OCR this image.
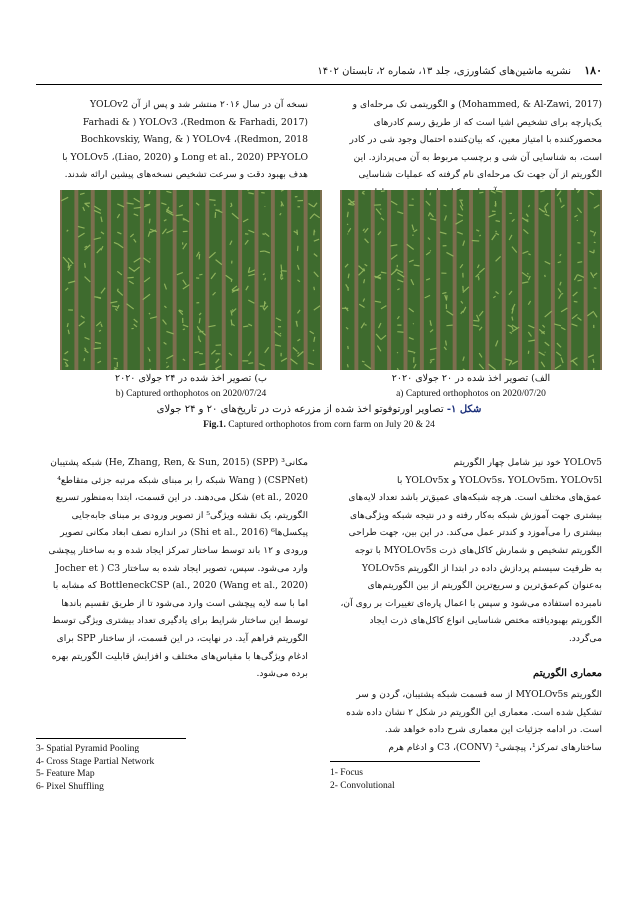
۱۸۰ نشریه ماشین‌های کشاورزی، جلد ۱۳، شماره ۲، تابستان ۱۴۰۲
(Mohammed, & Al-Zawi, 2017) و الگوریتمی تک مرحله‌ای و
یک‌پارچه برای تشخیص اشیا است که از طریق رسم کادرهای
محصورکننده با امتیاز معین، که بیان‌کننده احتمال وجود شی در کادر
است، به شناسایی آن شی و برچسب مربوط به آن می‌پردازد. این
الگوریتم از آن جهت تک مرحله‌ای نام گرفته که عملیات شناسایی
نسخه آن در سال ۲۰۱۶ منتشر شد و پس از آن YOLOv2
Farhadi & ) YOLOv3 ،(Redmon & Farhadi, 2017)
Bochkovskiy, Wang, & ) YOLOv4 ،(Redmon, 2018
Long et al., 2020) PP-YOLO و YOLOv5 ،(Liao, 2020) با
هدف بهبود دقت و سرعت تشخیص نسخه‌های پیشین ارائه شدند.
الف) تصویر اخذ شده در ۲۰ جولای ۲۰۲۰
a) Captured orthophotos on 2020/07/20
ب) تصویر اخذ شده در ۲۴ جولای ۲۰۲۰
b) Captured orthophotos on 2020/07/24
شکل ۱- تصاویر اورتوفوتو اخذ شده از مزرعه ذرت در تاریخ‌های ۲۰ و ۲۴ جولای
Fig.1. Captured orthophotos from corn farm on July 20 & 24
YOLOv5 خود نیز شامل چهار الگوریتم
YOLOv5s، YOLOv5m، YOLOv5l و YOLOv5x با
عمق‌های مختلف است. هرچه شبکه‌های عمیق‌تر باشد تعداد لایه‌های
بیشتری جهت آموزش شبکه به‌کار رفته و در نتیجه شبکه ویژگی‌های
بیشتری را می‌آموزد و کندتر عمل می‌کند. در این بین، جهت طراحی
الگوریتم تشخیص و شمارش کاکل‌های ذرت MYOLOv5s با توجه
به ظرفیت سیستم پردازش داده در ابتدا از الگوریتم YOLOv5s
به‌عنوان کم‌عمق‌ترین و سریع‌ترین الگوریتم از بین الگوریتم‌های
نامبرده استفاده می‌شود و سپس با اعمال پاره‌ای تغییرات بر روی آن،
الگوریتم بهبودیافته مختص شناسایی انواع کاکل‌های ذرت ایجاد
می‌گردد.
معماری الگوریتم
الگوریتم MYOLOv5s از سه قسمت شبکه پشتیبان، گردن و سر
تشکیل شده است. معماری این الگوریتم در شکل ۲ نشان داده شده
است. در ادامه جزئیات این معماری شرح داده خواهد شد.
ساختارهای تمرکز¹، پیچشی² (CONV)، C3 و ادغام هرم
مکانی³ (SPP) (He, Zhang, Ren, & Sun, 2015) شبکه پشتیبان
Wang ) (CSPNet) شبکه را بر مبنای شبکه مرتبه جزئی متقاطع⁴
et al., 2020) شکل می‌دهند. در این قسمت، ابتدا به‌منظور تسریع
الگوریتم، یک نقشه ویژگی⁵ از تصویر ورودی بر مبنای جابه‌جایی
پیکسل‌ها⁶ (Shi et al., 2016) در اندازه نصف ابعاد مکانی تصویر
ورودی و ۱۲ باند توسط ساختار تمرکز ایجاد شده و به ساختار پیچشی
وارد می‌شود. سپس، تصویر ایجاد شده به ساختار Jocher et ) C3
(Wang et al., 2020) BottleneckCSP (al., 2020 که مشابه با
اما با سه لایه پیچشی است وارد می‌شود تا از طریق تقسیم باندها
توسط این ساختار شرایط برای یادگیری تعداد بیشتری ویژگی توسط
الگوریتم فراهم آید. در نهایت، در این قسمت، از ساختار SPP برای
ادغام ویژگی‌ها با مقیاس‌های مختلف و افزایش قابلیت الگوریتم بهره
برده می‌شود.
3- Spatial Pyramid Pooling
4- Cross Stage Partial Network
5- Feature Map
6- Pixel Shuffling
1- Focus
2- Convolutional
